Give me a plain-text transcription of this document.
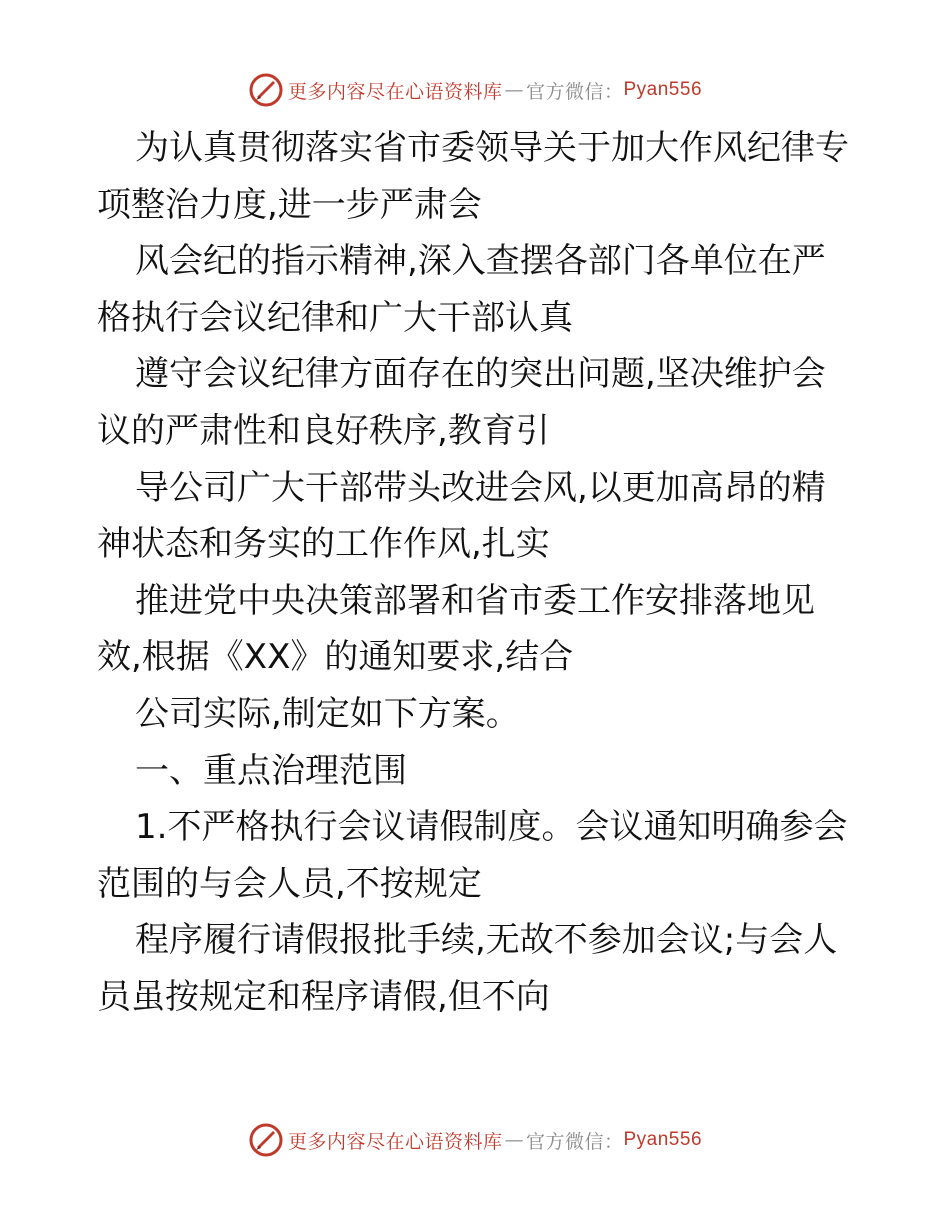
更多内容尽在心语资料库 — 官方微信： Pyan556
为认真贯彻落实省市委领导关于加大作风纪律专
项整治力度,进一步严肃会
风会纪的指示精神,深入查摆各部门各单位在严
格执行会议纪律和广大干部认真
遵守会议纪律方面存在的突出问题,坚决维护会
议的严肃性和良好秩序,教育引
导公司广大干部带头改进会风,以更加高昂的精
神状态和务实的工作作风,扎实
推进党中央决策部署和省市委工作安排落地见
效,根据《XX》的通知要求,结合
公司实际,制定如下方案。
一、重点治理范围
1.不严格执行会议请假制度。会议通知明确参会
范围的与会人员,不按规定
程序履行请假报批手续,无故不参加会议;与会人
员虽按规定和程序请假,但不向
更多内容尽在心语资料库 — 官方微信： Pyan556
